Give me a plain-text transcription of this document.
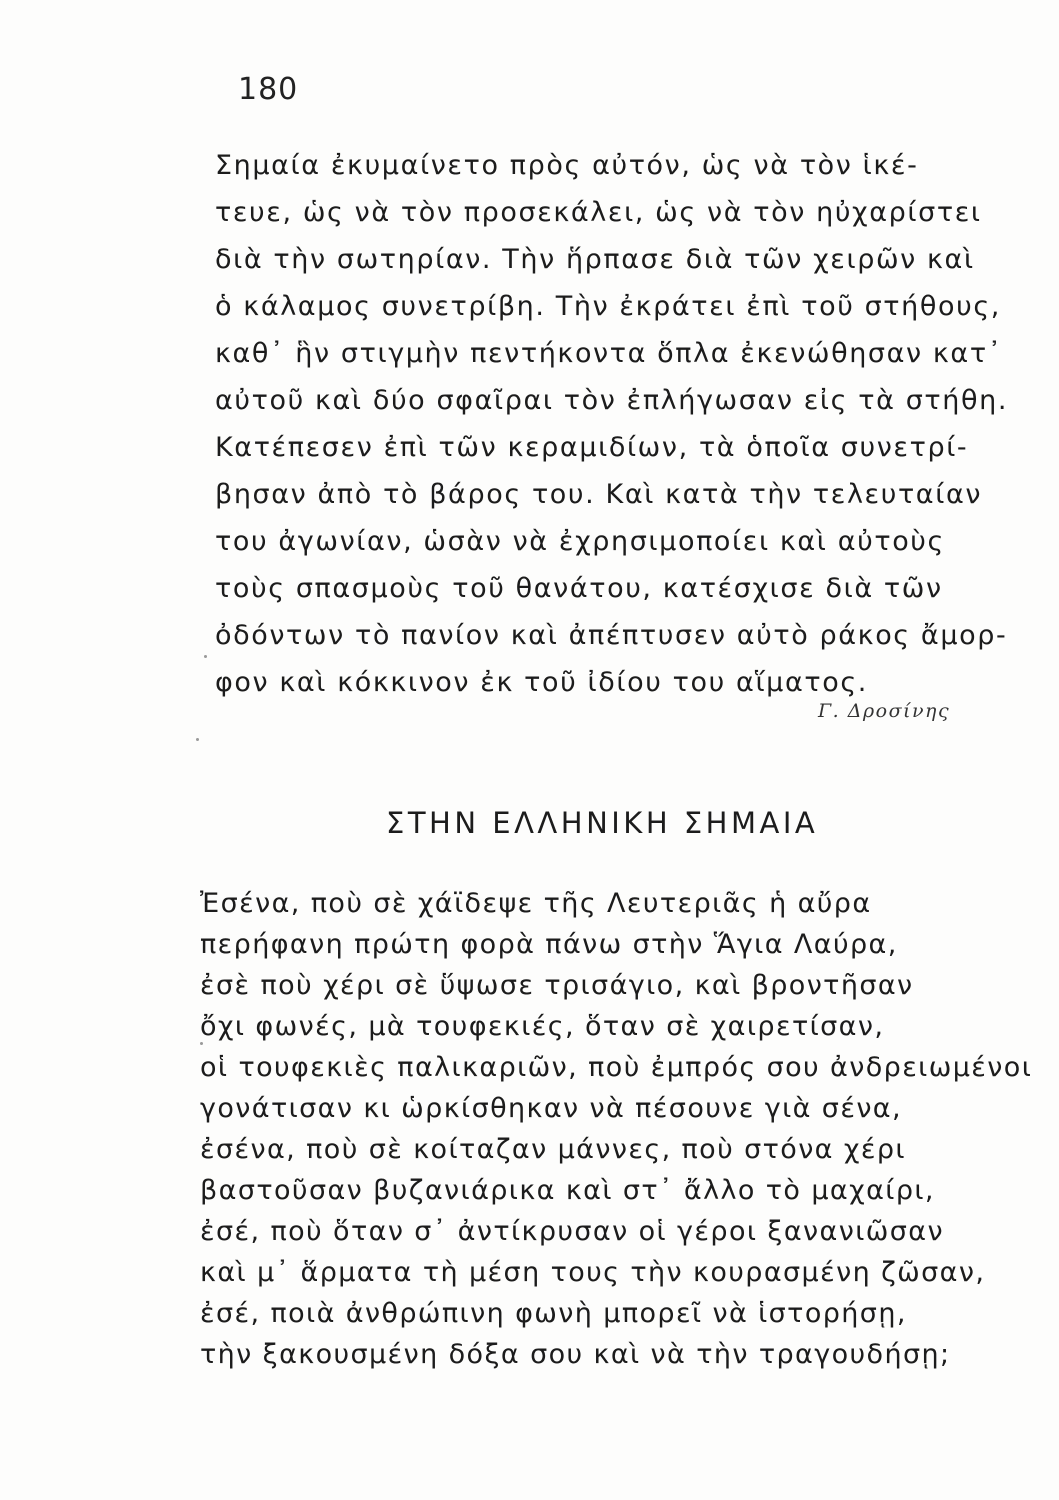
180
Σημαία ἐκυμαίνετο πρὸς αὐτόν, ὡς νὰ τὸν ἱκέ-
τευε, ὡς νὰ τὸν προσεκάλει, ὡς νὰ τὸν ηὐχαρίστει
διὰ τὴν σωτηρίαν. Τὴν ἥρπασε διὰ τῶν χειρῶν καὶ
ὁ κάλαμος συνετρίβη. Τὴν ἐκράτει ἐπὶ τοῦ στήθους,
καθ᾽ ἣν στιγμὴν πεντήκοντα ὅπλα ἐκενώθησαν κατ᾽
αὐτοῦ καὶ δύο σφαῖραι τὸν ἐπλήγωσαν εἰς τὰ στήθη.
Κατέπεσεν ἐπὶ τῶν κεραμιδίων, τὰ ὁποῖα συνετρί-
βησαν ἀπὸ τὸ βάρος του. Καὶ κατὰ τὴν τελευταίαν
του ἀγωνίαν, ὡσὰν νὰ ἐχρησιμοποίει καὶ αὐτοὺς
τοὺς σπασμοὺς τοῦ θανάτου, κατέσχισε διὰ τῶν
ὀδόντων τὸ πανίον καὶ ἀπέπτυσεν αὐτὸ ράκος ἄμορ-
φον καὶ κόκκινον ἐκ τοῦ ἰδίου του αἵματος.
Γ. Δροσίνης
ΣΤΗΝ ΕΛΛΗΝΙΚΗ ΣΗΜΑΙΑ
Ἐσένα, ποὺ σὲ χάϊδεψε τῆς Λευτεριᾶς ἡ αὔρα
περήφανη πρώτη φορὰ πάνω στὴν Ἅγια Λαύρα,
ἐσὲ ποὺ χέρι σὲ ὕψωσε τρισάγιο, καὶ βροντῆσαν
ὄχι φωνές, μὰ τουφεκιές, ὅταν σὲ χαιρετίσαν,
οἱ τουφεκιὲς παλικαριῶν, ποὺ ἐμπρός σου ἀνδρειωμένοι
γονάτισαν κι ὡρκίσθηκαν νὰ πέσουνε γιὰ σένα,
ἐσένα, ποὺ σὲ κοίταζαν μάννες, ποὺ στόνα χέρι
βαστοῦσαν βυζανιάρικα καὶ στ᾽ ἄλλο τὸ μαχαίρι,
ἐσέ, ποὺ ὅταν σ᾽ ἀντίκρυσαν οἱ γέροι ξανανιῶσαν
καὶ μ᾽ ἅρματα τὴ μέση τους τὴν κουρασμένη ζῶσαν,
ἐσέ, ποιὰ ἀνθρώπινη φωνὴ μπορεῖ νὰ ἱστορήσῃ,
τὴν ξακουσμένη δόξα σου καὶ νὰ τὴν τραγουδήσῃ;
